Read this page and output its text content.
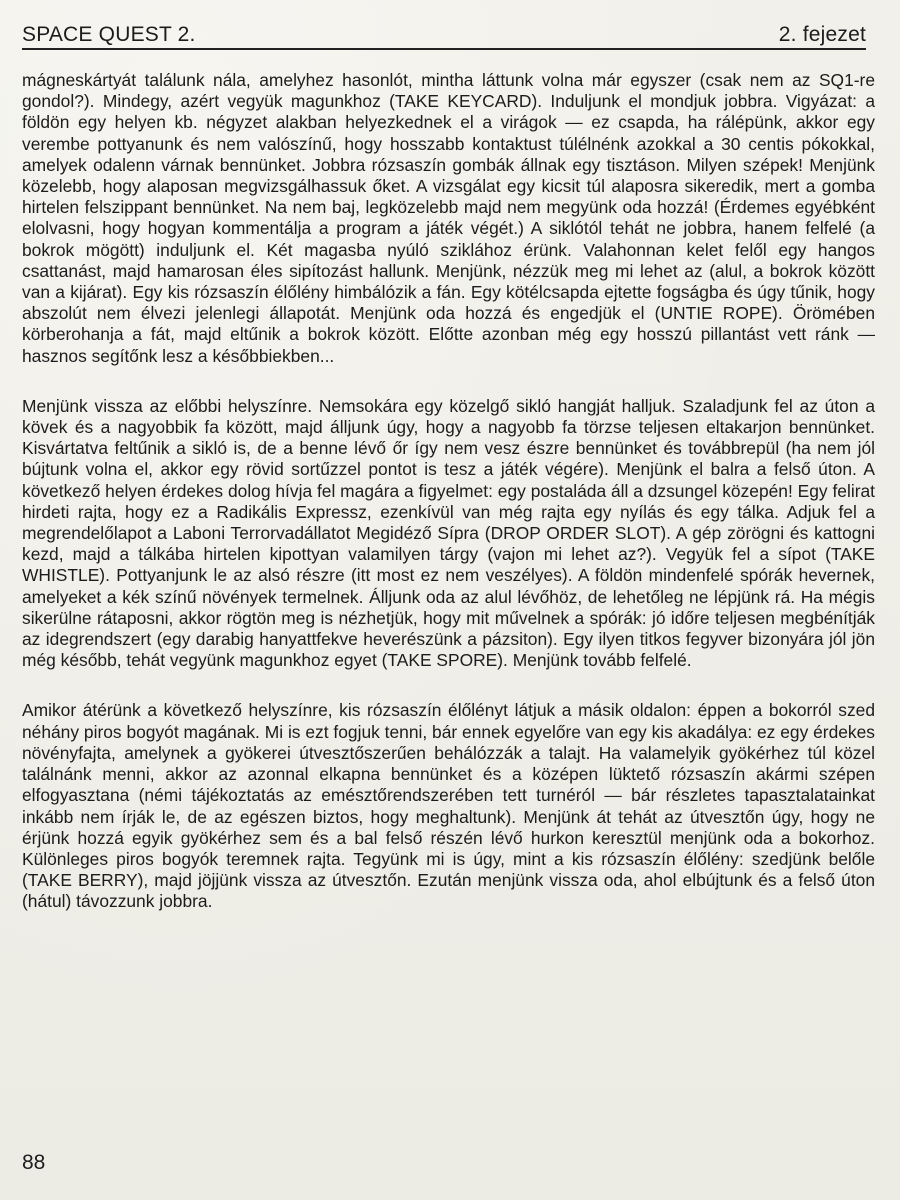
SPACE QUEST 2.	2. fejezet

mágneskártyát találunk nála, amelyhez hasonlót, mintha láttunk volna már egyszer (csak nem az SQ1-re gondol?). Mindegy, azért vegyük magunkhoz (TAKE KEYCARD). Induljunk el mondjuk jobbra. Vigyázat: a földön egy helyen kb. négyzet alakban helyezkednek el a virágok — ez csapda, ha rálépünk, akkor egy verembe pottyanunk és nem valószínű, hogy hosszabb kontaktust túlélnénk azokkal a 30 centis pókokkal, amelyek odalenn várnak bennünket. Jobbra rózsaszín gombák állnak egy tisztáson. Milyen szépek! Menjünk közelebb, hogy alaposan megvizsgálhassuk őket. A vizsgálat egy kicsit túl alaposra sikeredik, mert a gomba hirtelen felszippant bennünket. Na nem baj, legközelebb majd nem megyünk oda hozzá! (Érdemes egyébként elolvasni, hogy hogyan kommentálja a program a játék végét.) A siklótól tehát ne jobbra, hanem felfelé (a bokrok mögött) induljunk el. Két magasba nyúló sziklához érünk. Valahonnan kelet felől egy hangos csattanást, majd hamarosan éles sipítozást hallunk. Menjünk, nézzük meg mi lehet az (alul, a bokrok között van a kijárat). Egy kis rózsaszín élőlény himbálózik a fán. Egy kötélcsapda ejtette fogságba és úgy tűnik, hogy abszolút nem élvezi jelenlegi állapotát. Menjünk oda hozzá és engedjük el (UNTIE ROPE). Örömében körberohanja a fát, majd eltűnik a bokrok között. Előtte azonban még egy hosszú pillantást vett ránk — hasznos segítőnk lesz a későbbiekben...

Menjünk vissza az előbbi helyszínre. Nemsokára egy közelgő sikló hangját halljuk. Szaladjunk fel az úton a kövek és a nagyobbik fa között, majd álljunk úgy, hogy a nagyobb fa törzse teljesen eltakarjon bennünket. Kisvártatva feltűnik a sikló is, de a benne lévő őr így nem vesz észre bennünket és továbbrepül (ha nem jól bújtunk volna el, akkor egy rövid sortűzzel pontot is tesz a játék végére). Menjünk el balra a felső úton. A következő helyen érdekes dolog hívja fel magára a figyelmet: egy postaláda áll a dzsungel közepén! Egy felirat hirdeti rajta, hogy ez a Radikális Expressz, ezenkívül van még rajta egy nyílás és egy tálka. Adjuk fel a megrendelőlapot a Laboni Terrorvadállatot Megidéző Sípra (DROP ORDER SLOT). A gép zörögni és kattogni kezd, majd a tálkába hirtelen kipottyan valamilyen tárgy (vajon mi lehet az?). Vegyük fel a sípot (TAKE WHISTLE). Pottyanjunk le az alsó részre (itt most ez nem veszélyes). A földön mindenfelé spórák hevernek, amelyeket a kék színű növények termelnek. Álljunk oda az alul lévőhöz, de lehetőleg ne lépjünk rá. Ha mégis sikerülne rátaposni, akkor rögtön meg is nézhetjük, hogy mit művelnek a spórák: jó időre teljesen megbénítják az idegrendszert (egy darabig hanyattfekve heverészünk a pázsiton). Egy ilyen titkos fegyver bizonyára jól jön még később, tehát vegyünk magunkhoz egyet (TAKE SPORE). Menjünk tovább felfelé.

Amikor átérünk a következő helyszínre, kis rózsaszín élőlényt látjuk a másik oldalon: éppen a bokorról szed néhány piros bogyót magának. Mi is ezt fogjuk tenni, bár ennek egyelőre van egy kis akadálya: ez egy érdekes növényfajta, amelynek a gyökerei útvesztőszerűen behálózzák a talajt. Ha valamelyik gyökérhez túl közel találnánk menni, akkor az azonnal elkapna bennünket és a középen lüktető rózsaszín akármi szépen elfogyasztana (némi tájékoztatás az emésztőrendszerében tett turnéról — bár részletes tapasztalatainkat inkább nem írják le, de az egészen biztos, hogy meghaltunk). Menjünk át tehát az útvesztőn úgy, hogy ne érjünk hozzá egyik gyökérhez sem és a bal felső részén lévő hurkon keresztül menjünk oda a bokorhoz. Különleges piros bogyók teremnek rajta. Tegyünk mi is úgy, mint a kis rózsaszín élőlény: szedjünk belőle (TAKE BERRY), majd jöjjünk vissza az útvesztőn. Ezután menjünk vissza oda, ahol elbújtunk és a felső úton (hátul) távozzunk jobbra.

88
